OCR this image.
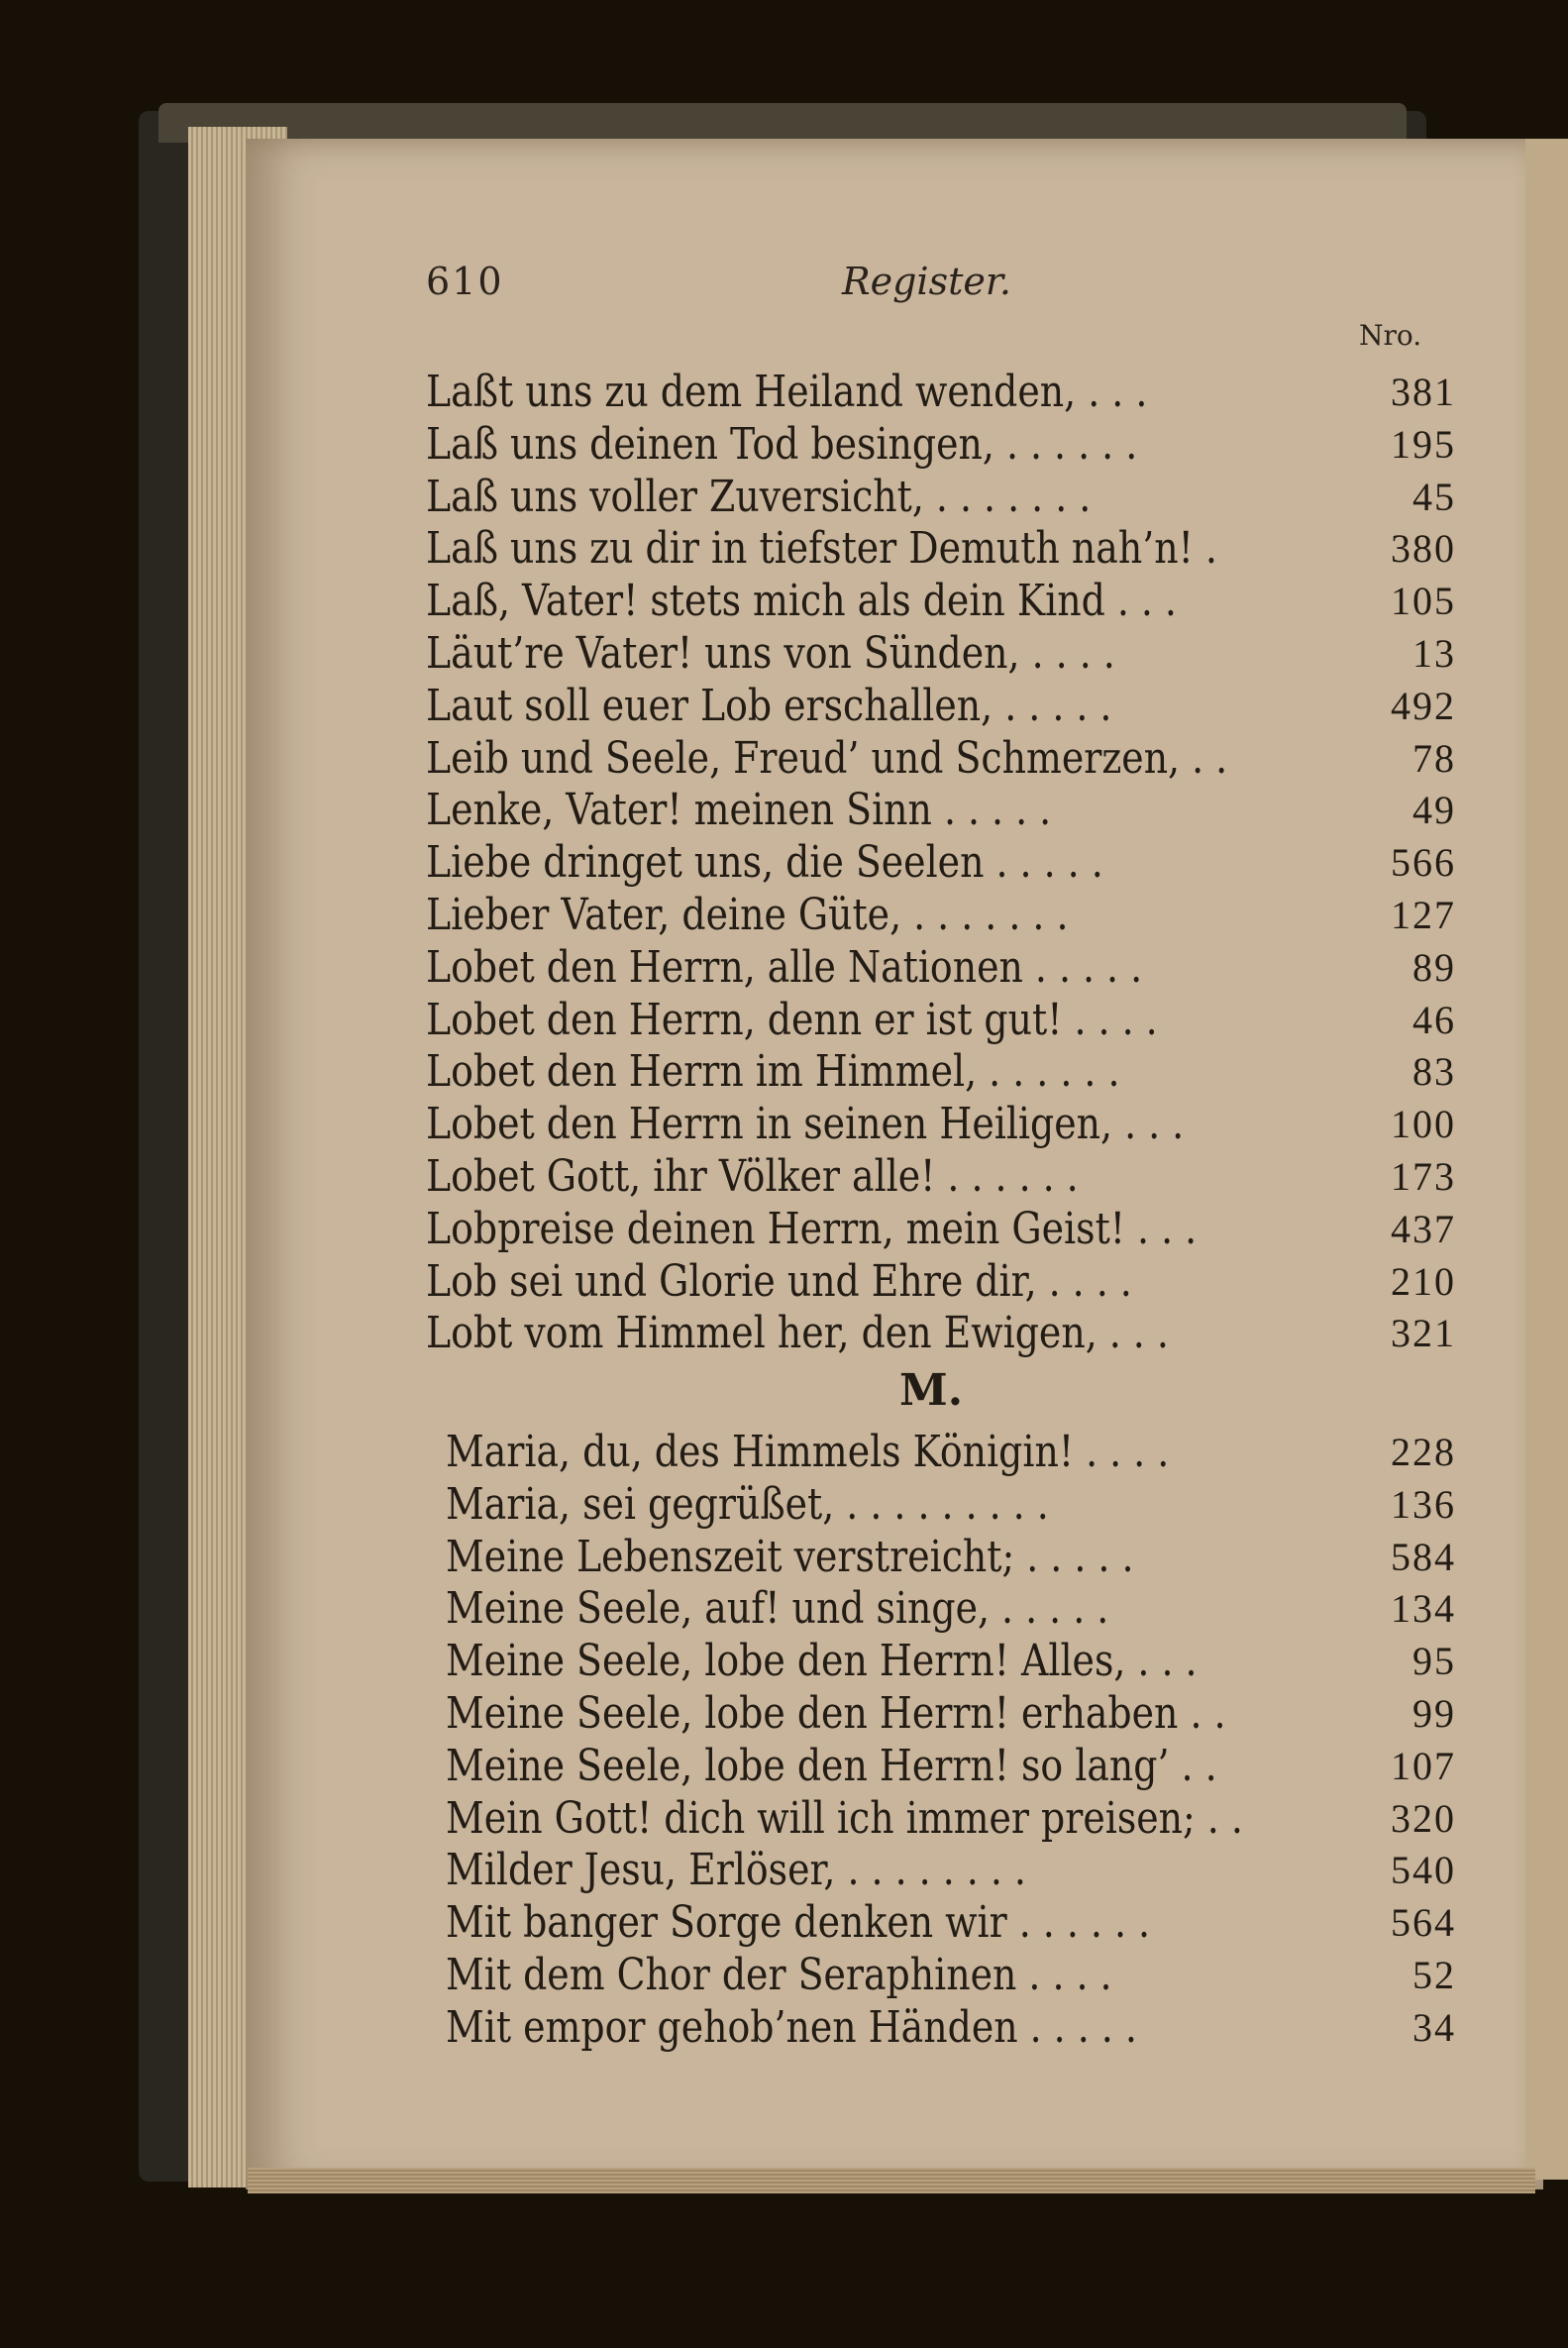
610	Register.
Nro.
Laßt uns zu dem Heiland wenden, . . .	381
Laß uns deinen Tod besingen, . . . . . .	195
Laß uns voller Zuversicht, . . . . . . .	45
Laß uns zu dir in tiefster Demuth nah’n! .	380
Laß, Vater! stets mich als dein Kind . . .	105
Läut’re Vater! uns von Sünden, . . . .	13
Laut soll euer Lob erschallen, . . . . .	492
Leib und Seele, Freud’ und Schmerzen, . .	78
Lenke, Vater! meinen Sinn . . . . .	49
Liebe dringet uns, die Seelen . . . . .	566
Lieber Vater, deine Güte, . . . . . . .	127
Lobet den Herrn, alle Nationen . . . . .	89
Lobet den Herrn, denn er ist gut! . . . .	46
Lobet den Herrn im Himmel, . . . . . .	83
Lobet den Herrn in seinen Heiligen, . . .	100
Lobet Gott, ihr Völker alle! . . . . . .	173
Lobpreise deinen Herrn, mein Geist! . . .	437
Lob sei und Glorie und Ehre dir, . . . .	210
Lobt vom Himmel her, den Ewigen, . . .	321
M.
Maria, du, des Himmels Königin! . . . .	228
Maria, sei gegrüßet, . . . . . . . . .	136
Meine Lebenszeit verstreicht; . . . . .	584
Meine Seele, auf! und singe, . . . . .	134
Meine Seele, lobe den Herrn! Alles, . . .	95
Meine Seele, lobe den Herrn! erhaben . .	99
Meine Seele, lobe den Herrn! so lang’ . .	107
Mein Gott! dich will ich immer preisen; . .	320
Milder Jesu, Erlöser, . . . . . . . .	540
Mit banger Sorge denken wir . . . . . .	564
Mit dem Chor der Seraphinen . . . .	52
Mit empor gehob’nen Händen . . . . .	34
